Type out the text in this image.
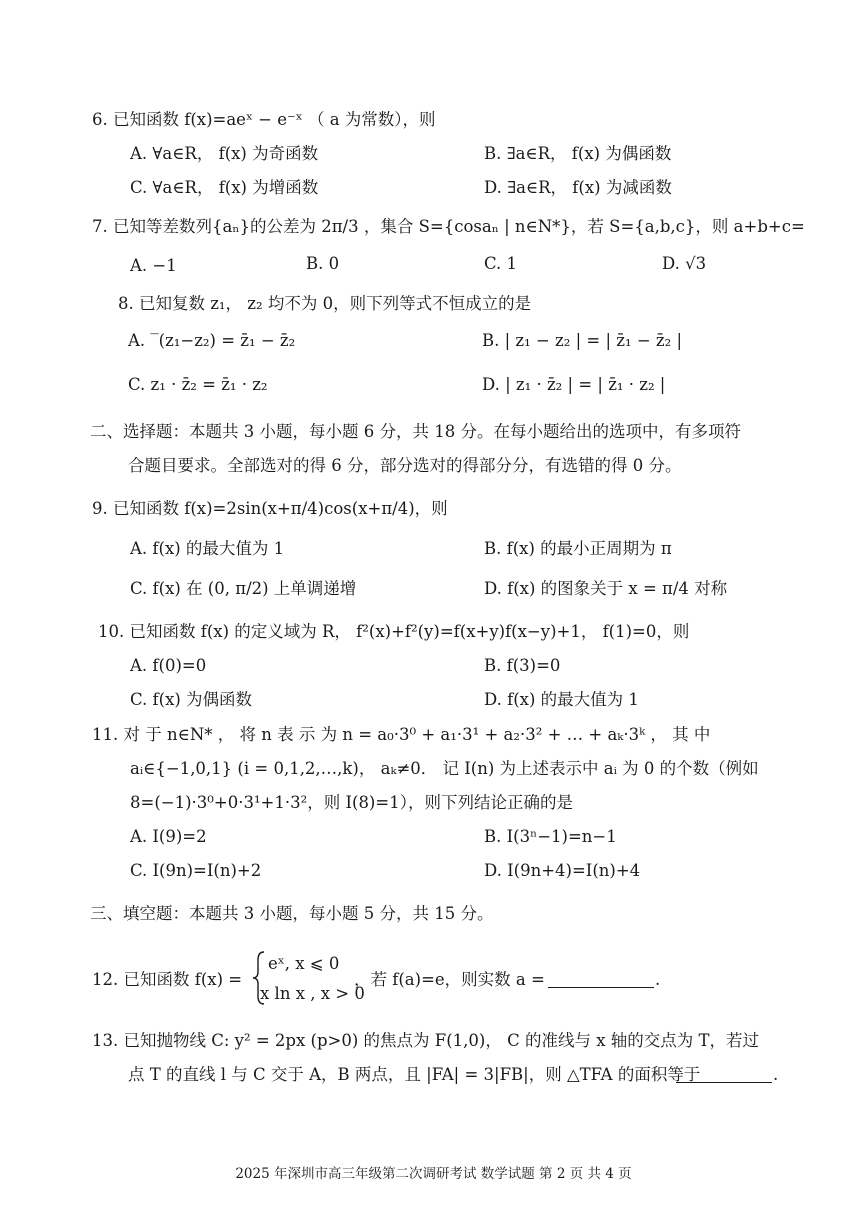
6. 已知函数 f(x)=aeˣ − e⁻ˣ （ a 为常数），则
A. ∀a∈R， f(x) 为奇函数	B. ∃a∈R， f(x) 为偶函数
C. ∀a∈R， f(x) 为增函数	D. ∃a∈R， f(x) 为减函数
7. 已知等差数列{aₙ}的公差为 2π/3 ，集合 S={cosaₙ | n∈N*}，若 S={a,b,c}，则 a+b+c=
A. −1	B. 0	C. 1	D. √3
8. 已知复数 z₁， z₂ 均不为 0，则下列等式不恒成立的是
A. ‾(z₁−z₂) = z̄₁ − z̄₂	B. | z₁ − z₂ | = | z̄₁ − z̄₂ |
C. z₁ · z̄₂ = z̄₁ · z₂	D. | z₁ · z̄₂ | = | z̄₁ · z₂ |
二、选择题：本题共 3 小题，每小题 6 分，共 18 分。在每小题给出的选项中，有多项符
合题目要求。全部选对的得 6 分，部分选对的得部分分，有选错的得 0 分。
9. 已知函数 f(x)=2sin(x+π/4)cos(x+π/4)，则
A. f(x) 的最大值为 1	B. f(x) 的最小正周期为 π
C. f(x) 在 (0, π/2) 上单调递增	D. f(x) 的图象关于 x = π/4 对称
10. 已知函数 f(x) 的定义域为 R， f²(x)+f²(y)=f(x+y)f(x−y)+1， f(1)=0，则
A. f(0)=0	B. f(3)=0
C. f(x) 为偶函数	D. f(x) 的最大值为 1
11. 对 于 n∈N* ， 将 n 表 示 为 n = a₀·3⁰ + a₁·3¹ + a₂·3² + … + aₖ·3ᵏ ， 其 中
aᵢ∈{−1,0,1} (i = 0,1,2,…,k)， aₖ≠0． 记 I(n) 为上述表示中 aᵢ 为 0 的个数（例如
8=(−1)·3⁰+0·3¹+1·3²，则 I(8)=1），则下列结论正确的是
A. I(9)=2	B. I(3ⁿ−1)=n−1
C. I(9n)=I(n)+2	D. I(9n+4)=I(n)+4
三、填空题：本题共 3 小题，每小题 5 分，共 15 分。
12. 已知函数 f(x) =
eˣ, x ⩽ 0
x ln x , x > 0
，若 f(a)=e，则实数 a =	.
13. 已知抛物线 C: y² = 2px (p>0) 的焦点为 F(1,0)， C 的准线与 x 轴的交点为 T，若过
点 T 的直线 l 与 C 交于 A，B 两点，且 |FA| = 3|FB|，则 △TFA 的面积等于	.
2025 年深圳市高三年级第二次调研考试 数学试题 第 2 页 共 4 页
